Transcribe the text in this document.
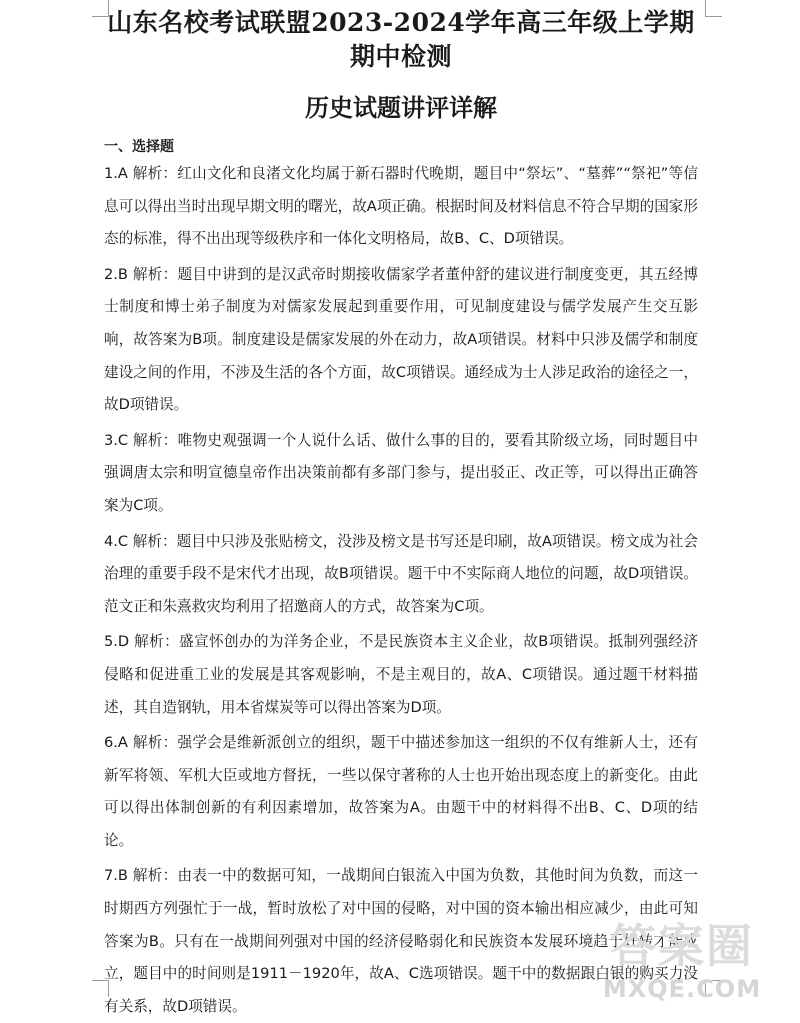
山东名校考试联盟2023-2024学年高三年级上学期期中检测
历史试题讲评详解
一、选择题

1.A 解析：红山文化和良渚文化均属于新石器时代晚期，题目中“祭坛”、“墓葬”“祭祀”等信息可以得出当时出现早期文明的曙光，故A项正确。根据时间及材料信息不符合早期的国家形态的标准，得不出出现等级秩序和一体化文明格局，故B、C、D项错误。

2.B 解析：题目中讲到的是汉武帝时期接收儒家学者董仲舒的建议进行制度变更，其五经博士制度和博士弟子制度为对儒家发展起到重要作用，可见制度建设与儒学发展产生交互影响，故答案为B项。制度建设是儒家发展的外在动力，故A项错误。材料中只涉及儒学和制度建设之间的作用，不涉及生活的各个方面，故C项错误。通经成为士人涉足政治的途径之一，故D项错误。

3.C 解析：唯物史观强调一个人说什么话、做什么事的目的，要看其阶级立场，同时题目中强调唐太宗和明宣德皇帝作出决策前都有多部门参与，提出驳正、改正等，可以得出正确答案为C项。

4.C 解析：题目中只涉及张贴榜文，没涉及榜文是书写还是印刷，故A项错误。榜文成为社会治理的重要手段不是宋代才出现，故B项错误。题干中不实际商人地位的问题，故D项错误。范文正和朱熹救灾均利用了招邀商人的方式，故答案为C项。

5.D 解析：盛宣怀创办的为洋务企业，不是民族资本主义企业，故B项错误。抵制列强经济侵略和促进重工业的发展是其客观影响，不是主观目的，故A、C项错误。通过题干材料描述，其自造钢轨，用本省煤炭等可以得出答案为D项。

6.A 解析：强学会是维新派创立的组织，题干中描述参加这一组织的不仅有维新人士，还有新军将领、军机大臣或地方督抚，一些以保守著称的人士也开始出现态度上的新变化。由此可以得出体制创新的有利因素增加，故答案为A。由题干中的材料得不出B、C、D项的结论。

7.B 解析：由表一中的数据可知，一战期间白银流入中国为负数，其他时间为负数，而这一时期西方列强忙于一战，暂时放松了对中国的侵略，对中国的资本输出相应减少，由此可知答案为B。只有在一战期间列强对中国的经济侵略弱化和民族资本发展环境趋于好转才能成立，题目中的时间则是1911－1920年，故A、C选项错误。题干中的数据跟白银的购买力没有关系，故D项错误。

答案圈
MXQE.COM
